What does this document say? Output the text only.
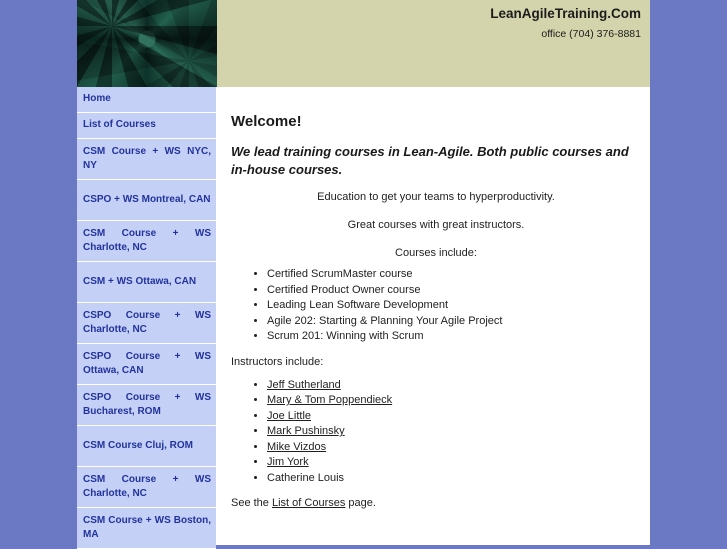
LeanAgileTraining.Com
office (704) 376-8881
Home
List of Courses
CSM Course + WS NYC, NY
CSPO + WS Montreal, CAN
CSM Course + WS Charlotte, NC
CSM + WS Ottawa, CAN
CSPO Course + WS Charlotte, NC
CSPO Course + WS Ottawa, CAN
CSPO Course + WS Bucharest, ROM
CSM Course Cluj, ROM
CSM Course + WS Charlotte, NC
CSM Course + WS Boston, MA
Welcome!
We lead training courses in Lean-Agile. Both public courses and in-house courses.

Education to get your teams to hyperproductivity.

Great courses with great instructors.

Courses include:

• Certified ScrumMaster course
• Certified Product Owner course
• Leading Lean Software Development
• Agile 202: Starting & Planning Your Agile Project
• Scrum 201: Winning with Scrum

Instructors include:

• Jeff Sutherland
• Mary & Tom Poppendieck
• Joe Little
• Mark Pushinsky
• Mike Vizdos
• Jim York
• Catherine Louis

See the List of Courses page.
